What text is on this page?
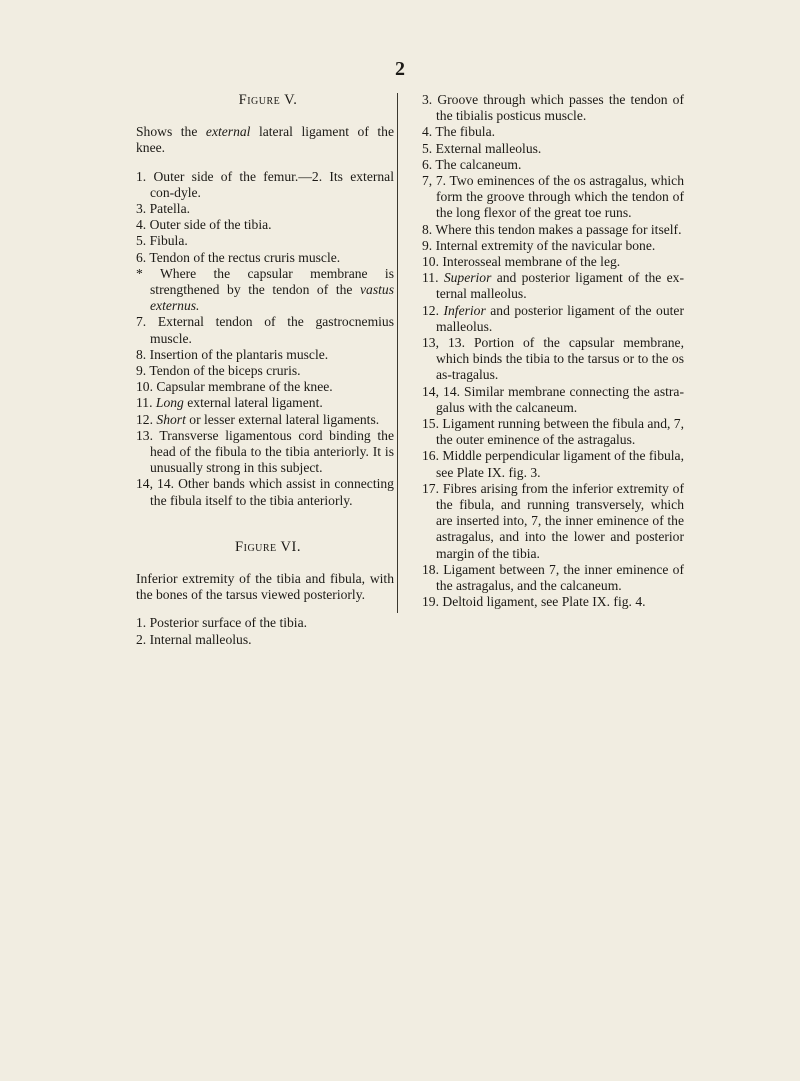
2
Figure V.

Shows the external lateral ligament of the knee.

1. Outer side of the femur.—2. Its external con-dyle.

3. Patella.

4. Outer side of the tibia.

5. Fibula.

6. Tendon of the rectus cruris muscle.

* Where the capsular membrane is strengthened by the tendon of the vastus externus.

7. External tendon of the gastrocnemius muscle.

8. Insertion of the plantaris muscle.

9. Tendon of the biceps cruris.

10. Capsular membrane of the knee.

11. Long external lateral ligament.

12. Short or lesser external lateral ligaments.

13. Transverse ligamentous cord binding the head of the fibula to the tibia anteriorly. It is unusually strong in this subject.

14, 14. Other bands which assist in connecting the fibula itself to the tibia anteriorly.

Figure VI.

Inferior extremity of the tibia and fibula, with the bones of the tarsus viewed posteriorly.

1. Posterior surface of the tibia.

2. Internal malleolus.

3. Groove through which passes the tendon of the tibialis posticus muscle.

4. The fibula.

5. External malleolus.

6. The calcaneum.

7, 7. Two eminences of the os astragalus, which form the groove through which the tendon of the long flexor of the great toe runs.

8. Where this tendon makes a passage for itself.

9. Internal extremity of the navicular bone.

10. Interosseal membrane of the leg.

11. Superior and posterior ligament of the ex-ternal malleolus.

12. Inferior and posterior ligament of the outer malleolus.

13, 13. Portion of the capsular membrane, which binds the tibia to the tarsus or to the os as-tragalus.

14, 14. Similar membrane connecting the astra-galus with the calcaneum.

15. Ligament running between the fibula and, 7, the outer eminence of the astragalus.

16. Middle perpendicular ligament of the fibula, see Plate IX. fig. 3.

17. Fibres arising from the inferior extremity of the fibula, and running transversely, which are inserted into, 7, the inner eminence of the astragalus, and into the lower and posterior margin of the tibia.

18. Ligament between 7, the inner eminence of the astragalus, and the calcaneum.

19. Deltoid ligament, see Plate IX. fig. 4.
